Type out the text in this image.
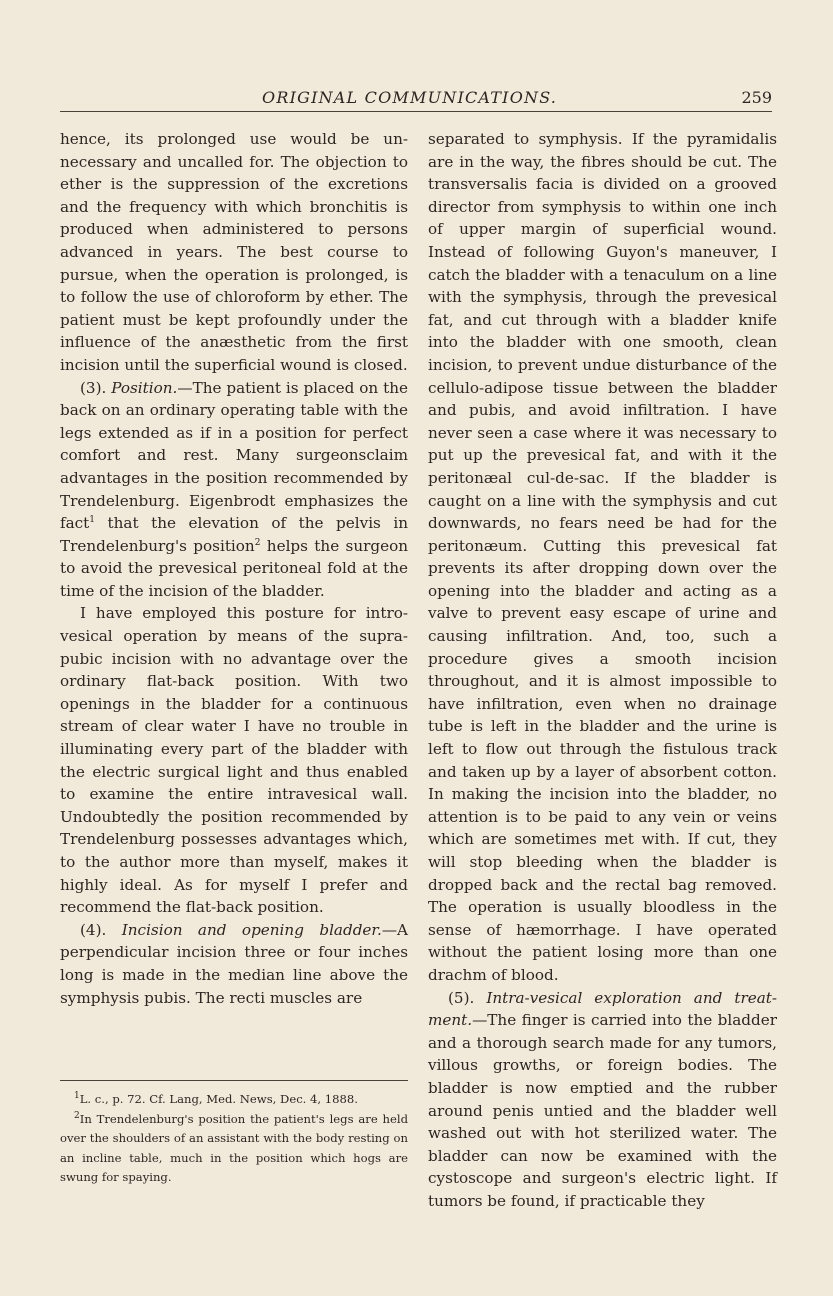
ORIGINAL COMMUNICATIONS.	259

hence, its prolonged use would be unnecessary and uncalled for. The objection to ether is the suppression of the excretions and the frequency with which bronchitis is produced when administered to persons advanced in years. The best course to pursue, when the operation is prolonged, is to follow the use of chloroform by ether. The patient must be kept profoundly under the influence of the anæsthetic from the first incision until the superficial wound is closed.

(3). Position.—The patient is placed on the back on an ordinary operating table with the legs extended as if in a position for perfect comfort and rest. Many surgeonsclaim advantages in the position recommended by Trendelenburg. Eigenbrodt emphasizes the fact$^1$ that the elevation of the pelvis in Trendelenburg's position$^2$ helps the surgeon to avoid the prevesical peritoneal fold at the time of the incision of the bladder.

I have employed this posture for introvesical operation by means of the suprapubic incision with no advantage over the ordinary flat-back position. With two openings in the bladder for a continuous stream of clear water I have no trouble in illuminating every part of the bladder with the electric surgical light and thus enabled to examine the entire intravesical wall. Undoubtedly the position recommended by Trendelenburg possesses advantages which, to the author more than myself, makes it highly ideal. As for myself I prefer and recommend the flat-back position.

(4). Incision and opening bladder.—A perpendicular incision three or four inches long is made in the median line above the symphysis pubis. The recti muscles are

$^1$L. c., p. 72. Cf. Lang, Med. News, Dec. 4, 1888.

$^2$In Trendelenburg's position the patient's legs are held over the shoulders of an assistant with the body resting on an incline table, much in the position which hogs are swung for spaying.

separated to symphysis. If the pyramidalis are in the way, the fibres should be cut. The transversalis facia is divided on a grooved director from symphysis to within one inch of upper margin of superficial wound. Instead of following Guyon's maneuver, I catch the bladder with a tenaculum on a line with the symphysis, through the prevesical fat, and cut through with a bladder knife into the bladder with one smooth, clean incision, to prevent undue disturbance of the cellulo-adipose tissue between the bladder and pubis, and avoid infiltration. I have never seen a case where it was necessary to put up the prevesical fat, and with it the peritonæal cul-de-sac. If the bladder is caught on a line with the symphysis and cut downwards, no fears need be had for the peritonæum. Cutting this prevesical fat prevents its after dropping down over the opening into the bladder and acting as a valve to prevent easy escape of urine and causing infiltration. And, too, such a procedure gives a smooth incision throughout, and it is almost impossible to have infiltration, even when no drainage tube is left in the bladder and the urine is left to flow out through the fistulous track and taken up by a layer of absorbent cotton. In making the incision into the bladder, no attention is to be paid to any vein or veins which are sometimes met with. If cut, they will stop bleeding when the bladder is dropped back and the rectal bag removed. The operation is usually bloodless in the sense of hæmorrhage. I have operated without the patient losing more than one drachm of blood.

(5). Intra-vesical exploration and treatment.—The finger is carried into the bladder and a thorough search made for any tumors, villous growths, or foreign bodies. The bladder is now emptied and the rubber around penis untied and the bladder well washed out with hot sterilized water. The bladder can now be examined with the cystoscope and surgeon's electric light. If tumors be found, if practicable they
